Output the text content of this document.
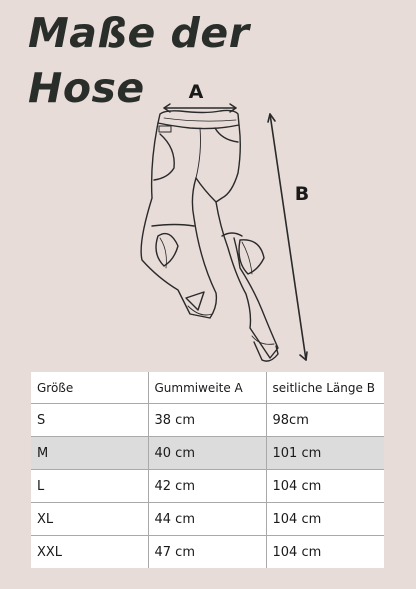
Maße der
Hose	A
B
Größe	Gummiweite A	seitliche Länge B
S	38 cm	98cm
M	40 cm	101 cm
L	42 cm	104 cm
XL	44 cm	104 cm
XXL	47 cm	104 cm
